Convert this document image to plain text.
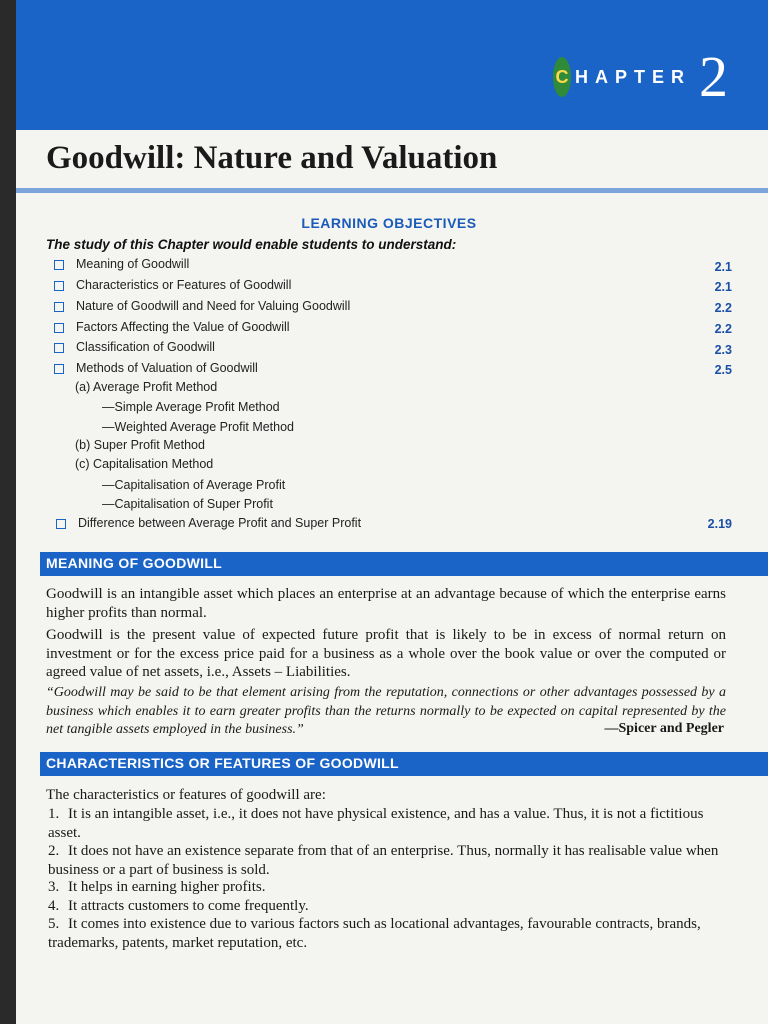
C HAPTER 2
Goodwill: Nature and Valuation
LEARNING OBJECTIVES
The study of this Chapter would enable students to understand:
Meaning of Goodwill	2.1
Characteristics or Features of Goodwill	2.1
Nature of Goodwill and Need for Valuing Goodwill	2.2
Factors Affecting the Value of Goodwill	2.2
Classification of Goodwill	2.3
Methods of Valuation of Goodwill	2.5
(a) Average Profit Method
—Simple Average Profit Method
—Weighted Average Profit Method
(b) Super Profit Method
(c) Capitalisation Method
—Capitalisation of Average Profit
—Capitalisation of Super Profit
Difference between Average Profit and Super Profit	2.19
MEANING OF GOODWILL
Goodwill is an intangible asset which places an enterprise at an advantage because of which the enterprise earns higher profits than normal.
Goodwill is the present value of expected future profit that is likely to be in excess of normal return on investment or for the excess price paid for a business as a whole over the book value or over the computed or agreed value of net assets, i.e., Assets – Liabilities.
“Goodwill may be said to be that element arising from the reputation, connections or other advantages possessed by a business which enables it to earn greater profits than the returns normally to be expected on capital represented by the net tangible assets employed in the business.”	—Spicer and Pegler
CHARACTERISTICS OR FEATURES OF GOODWILL
The characteristics or features of goodwill are:
1. It is an intangible asset, i.e., it does not have physical existence, and has a value. Thus, it is not a fictitious asset.
2. It does not have an existence separate from that of an enterprise. Thus, normally it has realisable value when business or a part of business is sold.
3. It helps in earning higher profits.
4. It attracts customers to come frequently.
5. It comes into existence due to various factors such as locational advantages, favourable contracts, brands, trademarks, patents, market reputation, etc.
